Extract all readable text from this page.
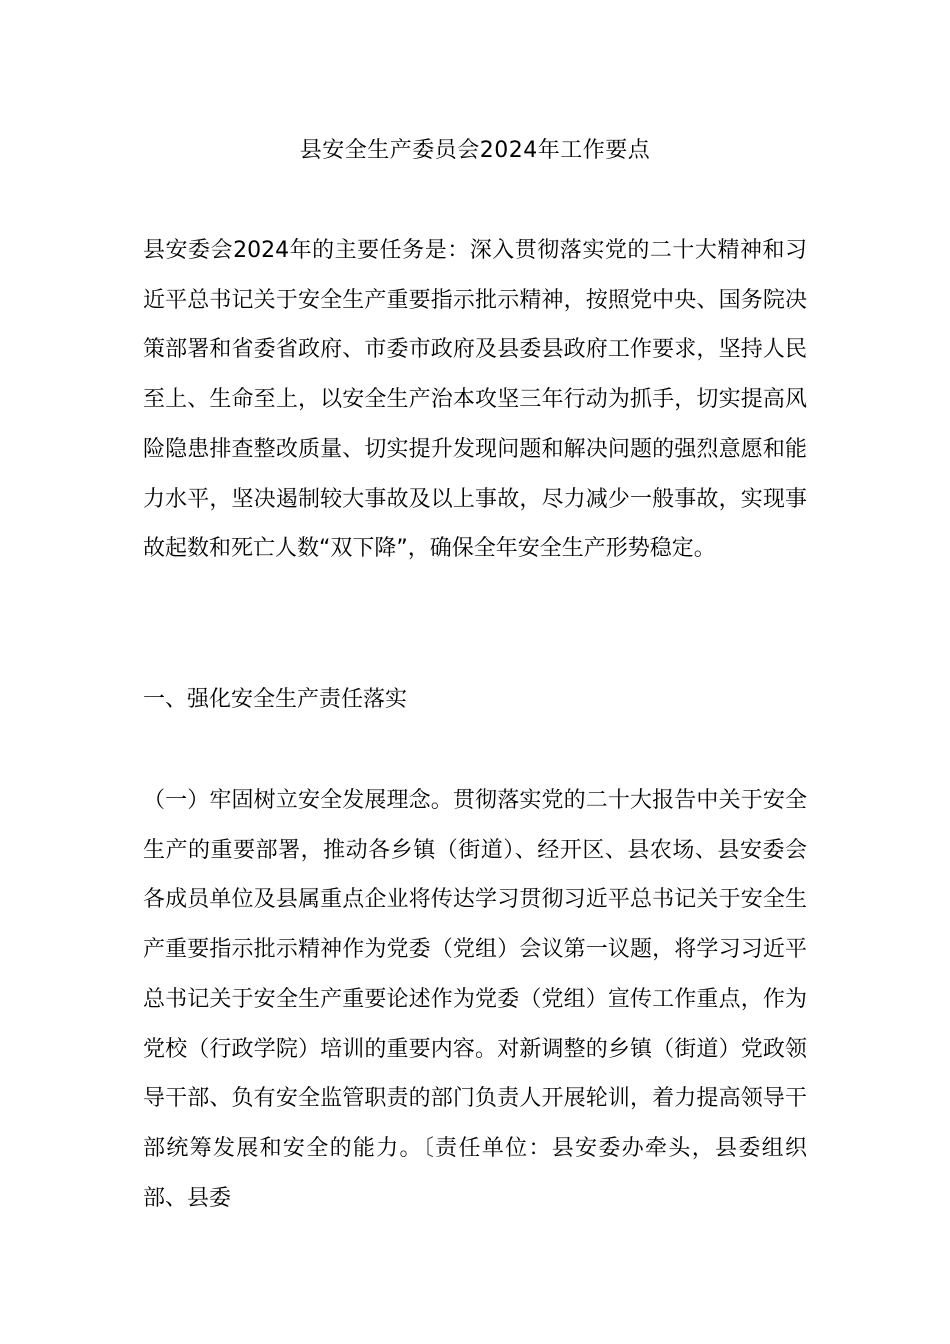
县安全生产委员会2024年工作要点

县安委会2024年的主要任务是：深入贯彻落实党的二十大精神和习近平总书记关于安全生产重要指示批示精神，按照党中央、国务院决策部署和省委省政府、市委市政府及县委县政府工作要求，坚持人民至上、生命至上，以安全生产治本攻坚三年行动为抓手，切实提高风险隐患排查整改质量、切实提升发现问题和解决问题的强烈意愿和能力水平，坚决遏制较大事故及以上事故，尽力减少一般事故，实现事故起数和死亡人数“双下降”，确保全年安全生产形势稳定。

一、强化安全生产责任落实

（一）牢固树立安全发展理念。贯彻落实党的二十大报告中关于安全生产的重要部署，推动各乡镇（街道）、经开区、县农场、县安委会各成员单位及县属重点企业将传达学习贯彻习近平总书记关于安全生产重要指示批示精神作为党委（党组）会议第一议题，将学习习近平总书记关于安全生产重要论述作为党委（党组）宣传工作重点，作为党校（行政学院）培训的重要内容。对新调整的乡镇（街道）党政领导干部、负有安全监管职责的部门负责人开展轮训，着力提高领导干部统筹发展和安全的能力。〔责任单位：县安委办牵头，县委组织部、县委
